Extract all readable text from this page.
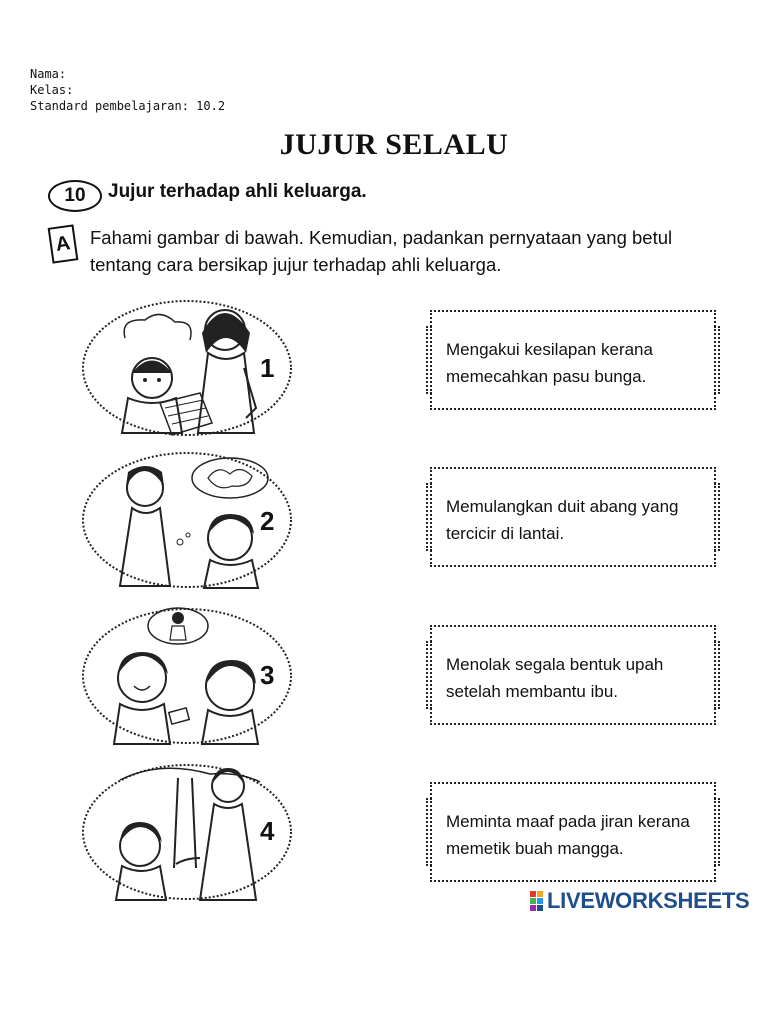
Nama:
Kelas:
Standard pembelajaran: 10.2
JUJUR SELALU
10	Jujur terhadap ahli keluarga.
A Fahami gambar di bawah. Kemudian, padankan pernyataan yang betul tentang cara bersikap jujur terhadap ahli keluarga.
1
2
3
4
Mengakui kesilapan kerana memecahkan pasu bunga.
Memulangkan duit abang yang tercicir di lantai.
Menolak segala bentuk upah setelah membantu ibu.
Meminta maaf pada jiran kerana memetik buah mangga.
LIVEWORKSHEETS
